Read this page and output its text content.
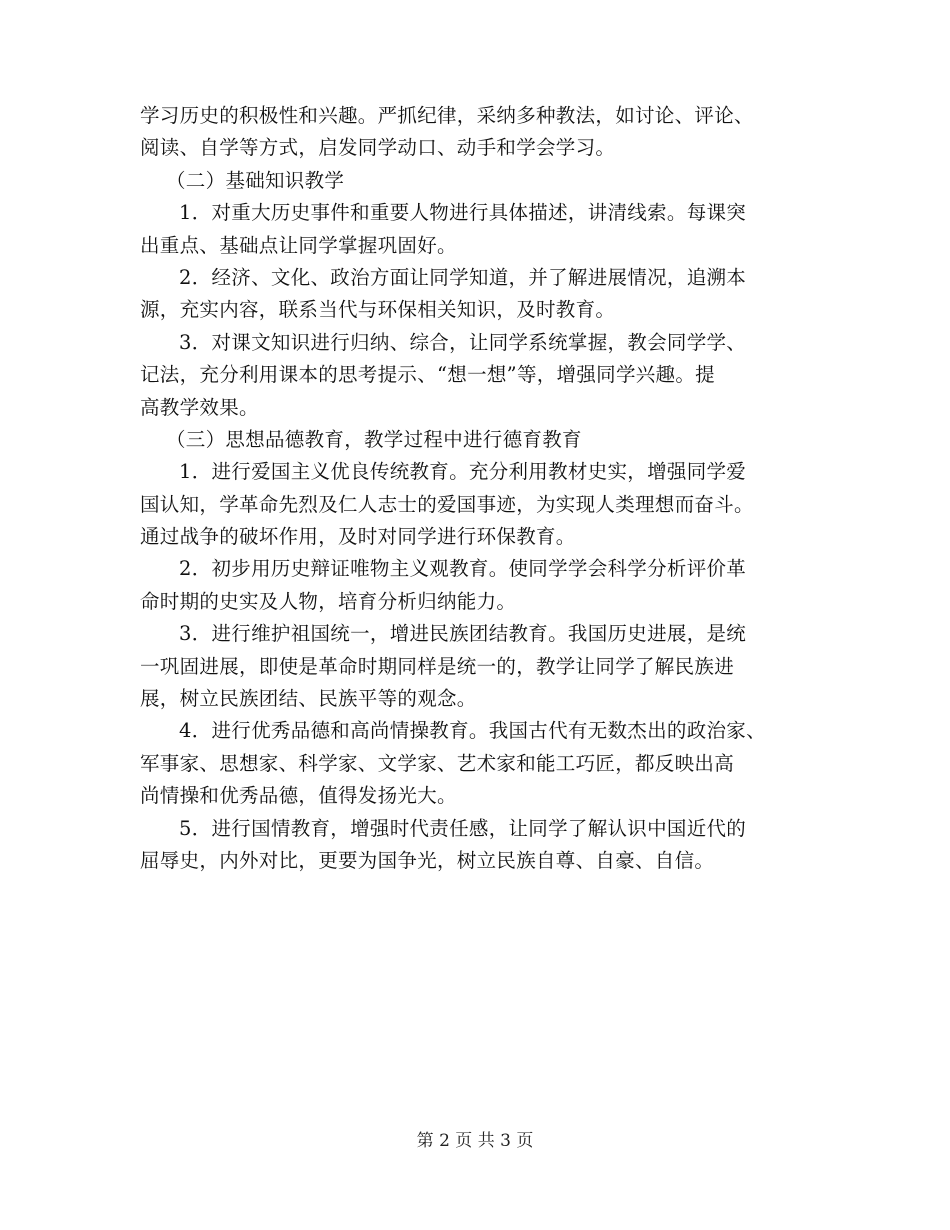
学习历史的积极性和兴趣。严抓纪律，采纳多种教法，如讨论、评论、
阅读、自学等方式，启发同学动口、动手和学会学习。
（二）基础知识教学
1．对重大历史事件和重要人物进行具体描述，讲清线索。每课突
出重点、基础点让同学掌握巩固好。
2．经济、文化、政治方面让同学知道，并了解进展情况，追溯本
源，充实内容，联系当代与环保相关知识，及时教育。
3．对课文知识进行归纳、综合，让同学系统掌握，教会同学学、
记法，充分利用课本的思考提示、“想一想”等，增强同学兴趣。提
高教学效果。
（三）思想品德教育，教学过程中进行德育教育
1．进行爱国主义优良传统教育。充分利用教材史实，增强同学爱
国认知，学革命先烈及仁人志士的爱国事迹，为实现人类理想而奋斗。
通过战争的破坏作用，及时对同学进行环保教育。
2．初步用历史辩证唯物主义观教育。使同学学会科学分析评价革
命时期的史实及人物，培育分析归纳能力。
3．进行维护祖国统一，增进民族团结教育。我国历史进展，是统
一巩固进展，即使是革命时期同样是统一的，教学让同学了解民族进
展，树立民族团结、民族平等的观念。
4．进行优秀品德和高尚情操教育。我国古代有无数杰出的政治家、
军事家、思想家、科学家、文学家、艺术家和能工巧匠，都反映出高
尚情操和优秀品德，值得发扬光大。
5．进行国情教育，增强时代责任感，让同学了解认识中国近代的
屈辱史，内外对比，更要为国争光，树立民族自尊、自豪、自信。
第 2 页 共 3 页
